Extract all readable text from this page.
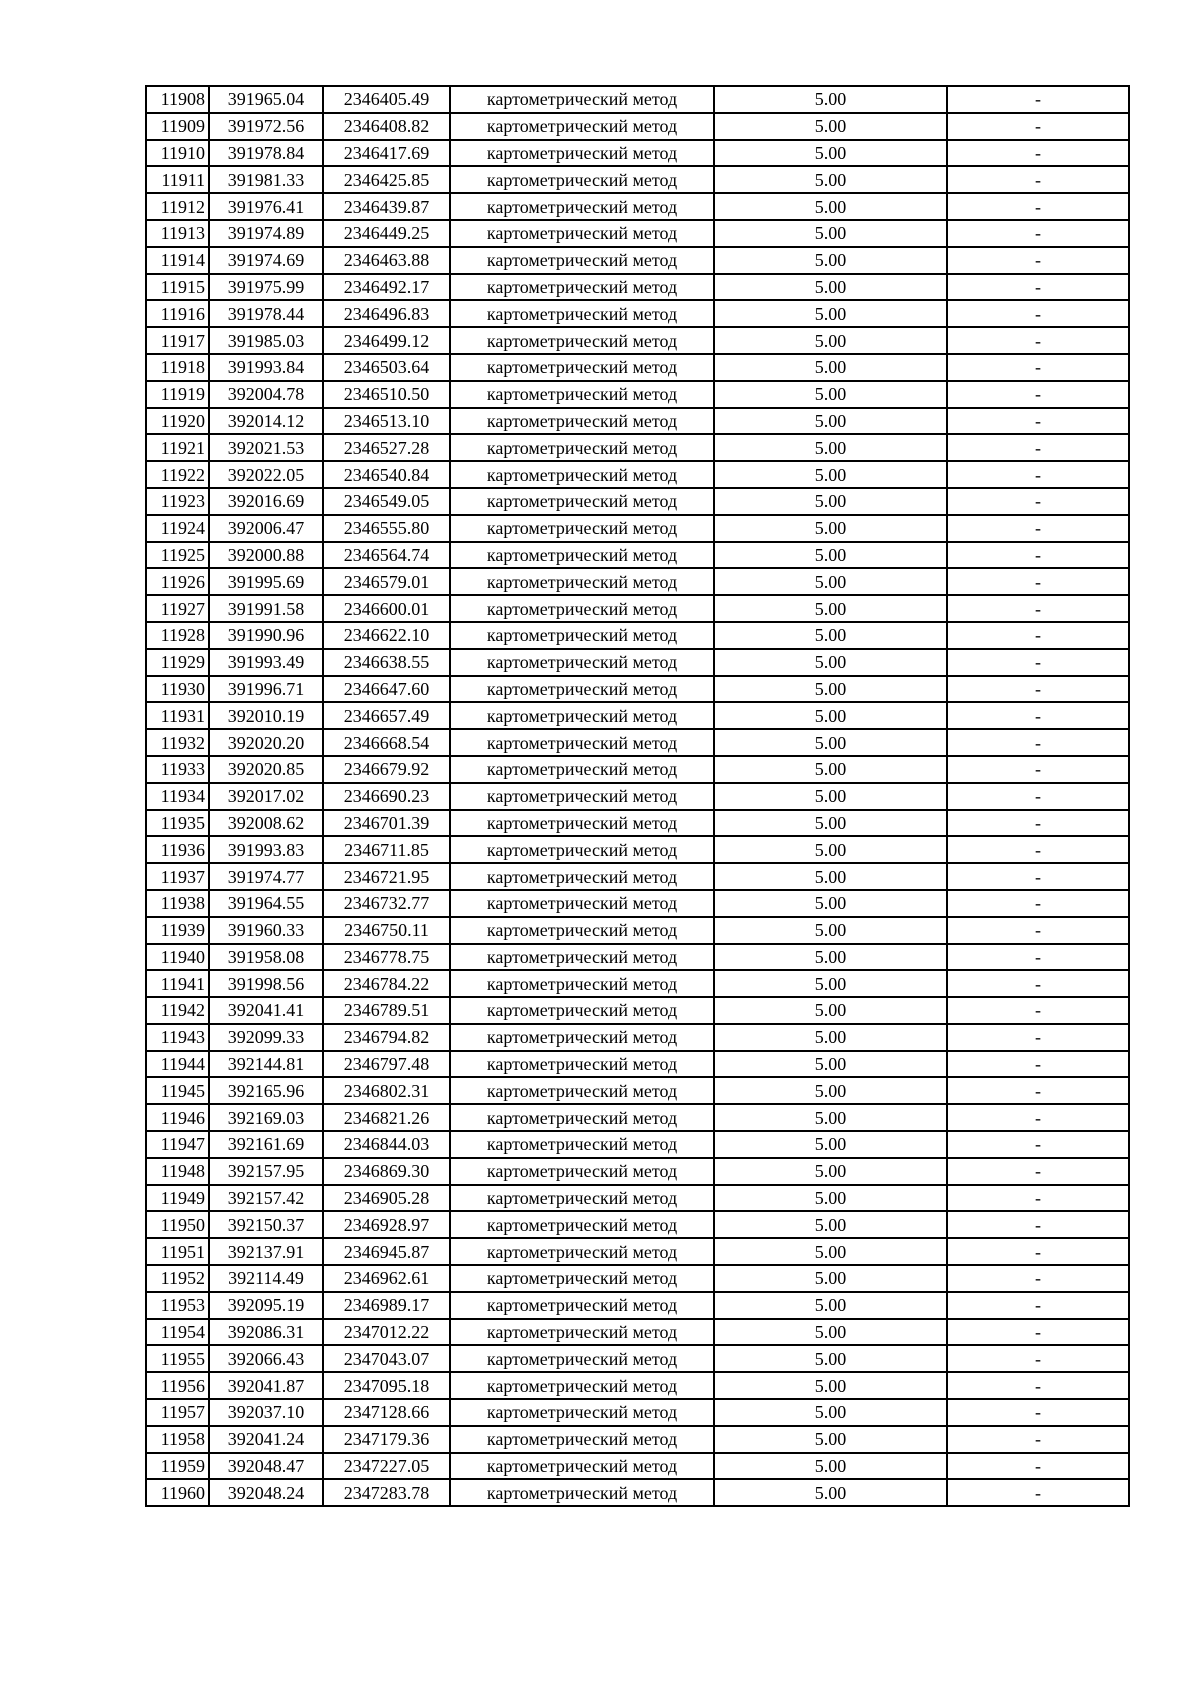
11908	391965.04	2346405.49	картометрический метод	5.00	-
11909	391972.56	2346408.82	картометрический метод	5.00	-
11910	391978.84	2346417.69	картометрический метод	5.00	-
11911	391981.33	2346425.85	картометрический метод	5.00	-
11912	391976.41	2346439.87	картометрический метод	5.00	-
11913	391974.89	2346449.25	картометрический метод	5.00	-
11914	391974.69	2346463.88	картометрический метод	5.00	-
11915	391975.99	2346492.17	картометрический метод	5.00	-
11916	391978.44	2346496.83	картометрический метод	5.00	-
11917	391985.03	2346499.12	картометрический метод	5.00	-
11918	391993.84	2346503.64	картометрический метод	5.00	-
11919	392004.78	2346510.50	картометрический метод	5.00	-
11920	392014.12	2346513.10	картометрический метод	5.00	-
11921	392021.53	2346527.28	картометрический метод	5.00	-
11922	392022.05	2346540.84	картометрический метод	5.00	-
11923	392016.69	2346549.05	картометрический метод	5.00	-
11924	392006.47	2346555.80	картометрический метод	5.00	-
11925	392000.88	2346564.74	картометрический метод	5.00	-
11926	391995.69	2346579.01	картометрический метод	5.00	-
11927	391991.58	2346600.01	картометрический метод	5.00	-
11928	391990.96	2346622.10	картометрический метод	5.00	-
11929	391993.49	2346638.55	картометрический метод	5.00	-
11930	391996.71	2346647.60	картометрический метод	5.00	-
11931	392010.19	2346657.49	картометрический метод	5.00	-
11932	392020.20	2346668.54	картометрический метод	5.00	-
11933	392020.85	2346679.92	картометрический метод	5.00	-
11934	392017.02	2346690.23	картометрический метод	5.00	-
11935	392008.62	2346701.39	картометрический метод	5.00	-
11936	391993.83	2346711.85	картометрический метод	5.00	-
11937	391974.77	2346721.95	картометрический метод	5.00	-
11938	391964.55	2346732.77	картометрический метод	5.00	-
11939	391960.33	2346750.11	картометрический метод	5.00	-
11940	391958.08	2346778.75	картометрический метод	5.00	-
11941	391998.56	2346784.22	картометрический метод	5.00	-
11942	392041.41	2346789.51	картометрический метод	5.00	-
11943	392099.33	2346794.82	картометрический метод	5.00	-
11944	392144.81	2346797.48	картометрический метод	5.00	-
11945	392165.96	2346802.31	картометрический метод	5.00	-
11946	392169.03	2346821.26	картометрический метод	5.00	-
11947	392161.69	2346844.03	картометрический метод	5.00	-
11948	392157.95	2346869.30	картометрический метод	5.00	-
11949	392157.42	2346905.28	картометрический метод	5.00	-
11950	392150.37	2346928.97	картометрический метод	5.00	-
11951	392137.91	2346945.87	картометрический метод	5.00	-
11952	392114.49	2346962.61	картометрический метод	5.00	-
11953	392095.19	2346989.17	картометрический метод	5.00	-
11954	392086.31	2347012.22	картометрический метод	5.00	-
11955	392066.43	2347043.07	картометрический метод	5.00	-
11956	392041.87	2347095.18	картометрический метод	5.00	-
11957	392037.10	2347128.66	картометрический метод	5.00	-
11958	392041.24	2347179.36	картометрический метод	5.00	-
11959	392048.47	2347227.05	картометрический метод	5.00	-
11960	392048.24	2347283.78	картометрический метод	5.00	-
